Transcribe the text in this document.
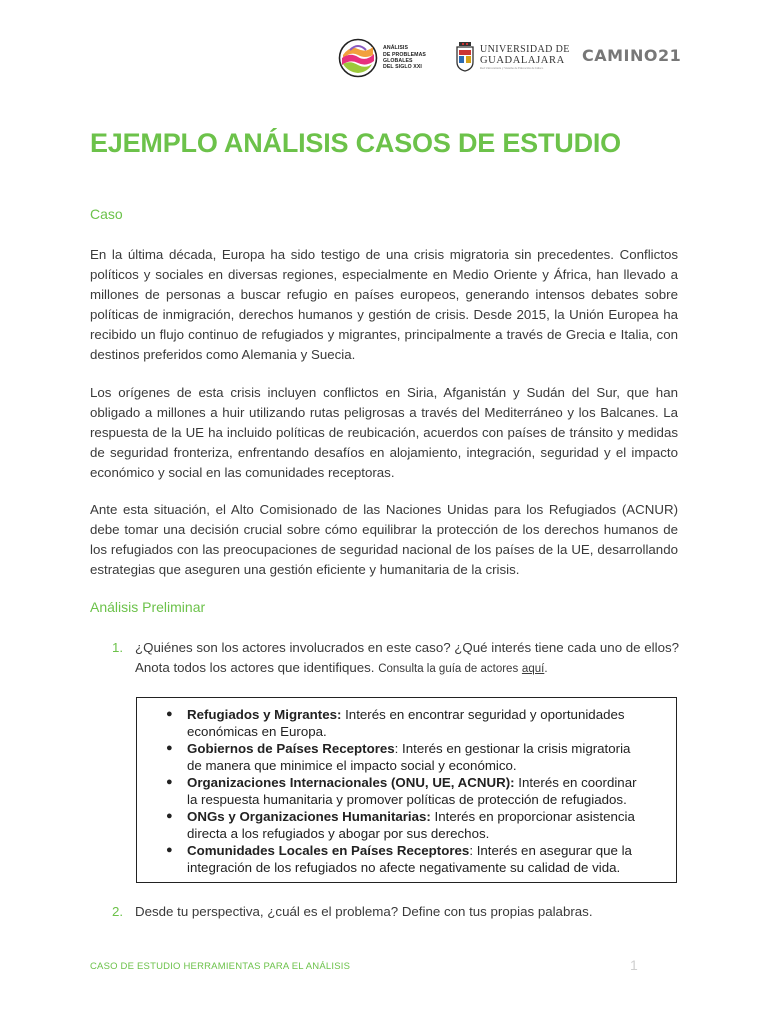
ANÁLISIS
DE PROBLEMAS
GLOBALES
DEL SIGLO XXI
UNIVERSIDAD DE
GUADALAJARA
Red Universitaria y Sistema de Educación de Jalisco
CAMINO21
EJEMPLO ANÁLISIS CASOS DE ESTUDIO

Caso

En la última década, Europa ha sido testigo de una crisis migratoria sin precedentes. Conflictos políticos y sociales en diversas regiones, especialmente en Medio Oriente y África, han llevado a millones de personas a buscar refugio en países europeos, generando intensos debates sobre políticas de inmigración, derechos humanos y gestión de crisis. Desde 2015, la Unión Europea ha recibido un flujo continuo de refugiados y migrantes, principalmente a través de Grecia e Italia, con destinos preferidos como Alemania y Suecia.

Los orígenes de esta crisis incluyen conflictos en Siria, Afganistán y Sudán del Sur, que han obligado a millones a huir utilizando rutas peligrosas a través del Mediterráneo y los Balcanes. La respuesta de la UE ha incluido políticas de reubicación, acuerdos con países de tránsito y medidas de seguridad fronteriza, enfrentando desafíos en alojamiento, integración, seguridad y el impacto económico y social en las comunidades receptoras.

Ante esta situación, el Alto Comisionado de las Naciones Unidas para los Refugiados (ACNUR) debe tomar una decisión crucial sobre cómo equilibrar la protección de los derechos humanos de los refugiados con las preocupaciones de seguridad nacional de los países de la UE, desarrollando estrategias que aseguren una gestión eficiente y humanitaria de la crisis.

Análisis Preliminar

1. ¿Quiénes son los actores involucrados en este caso? ¿Qué interés tiene cada uno de ellos? Anota todos los actores que identifiques. Consulta la guía de actores aquí.
● Refugiados y Migrantes: Interés en encontrar seguridad y oportunidades económicas en Europa.
● Gobiernos de Países Receptores: Interés en gestionar la crisis migratoria de manera que minimice el impacto social y económico.
● Organizaciones Internacionales (ONU, UE, ACNUR): Interés en coordinar la respuesta humanitaria y promover políticas de protección de refugiados.
● ONGs y Organizaciones Humanitarias: Interés en proporcionar asistencia directa a los refugiados y abogar por sus derechos.
● Comunidades Locales en Países Receptores: Interés en asegurar que la integración de los refugiados no afecte negativamente su calidad de vida.
2. Desde tu perspectiva, ¿cuál es el problema? Define con tus propias palabras.
CASO DE ESTUDIO HERRAMIENTAS PARA EL ANÁLISIS	1
